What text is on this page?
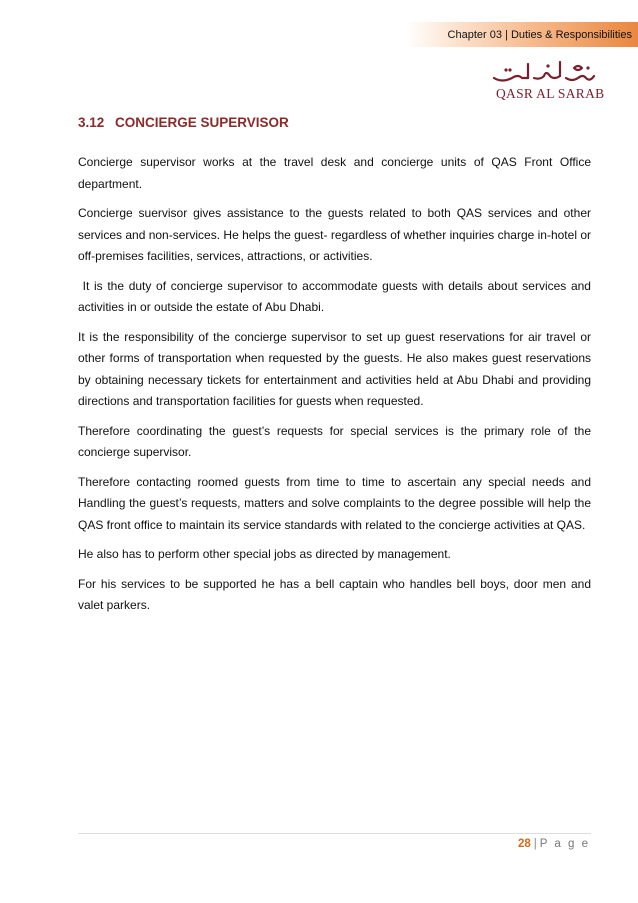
Chapter 03 | Duties & Responsibilities
QASR AL SARAB
3.12 CONCIERGE SUPERVISOR

Concierge supervisor works at the travel desk and concierge units of QAS Front Office department.

Concierge suervisor gives assistance to the guests related to both QAS services and other services and non-services. He helps the guest- regardless of whether inquiries charge in-hotel or off-premises facilities, services, attractions, or activities.

It is the duty of concierge supervisor to accommodate guests with details about services and activities in or outside the estate of Abu Dhabi.

It is the responsibility of the concierge supervisor to set up guest reservations for air travel or other forms of transportation when requested by the guests. He also makes guest reservations by obtaining necessary tickets for entertainment and activities held at Abu Dhabi and providing directions and transportation facilities for guests when requested.

Therefore coordinating the guest’s requests for special services is the primary role of the concierge supervisor.

Therefore contacting roomed guests from time to time to ascertain any special needs and Handling the guest’s requests, matters and solve complaints to the degree possible will help the QAS front office to maintain its service standards with related to the concierge activities at QAS.

He also has to perform other special jobs as directed by management.

For his services to be supported he has a bell captain who handles bell boys, door men and valet parkers.

28 | P a g e
